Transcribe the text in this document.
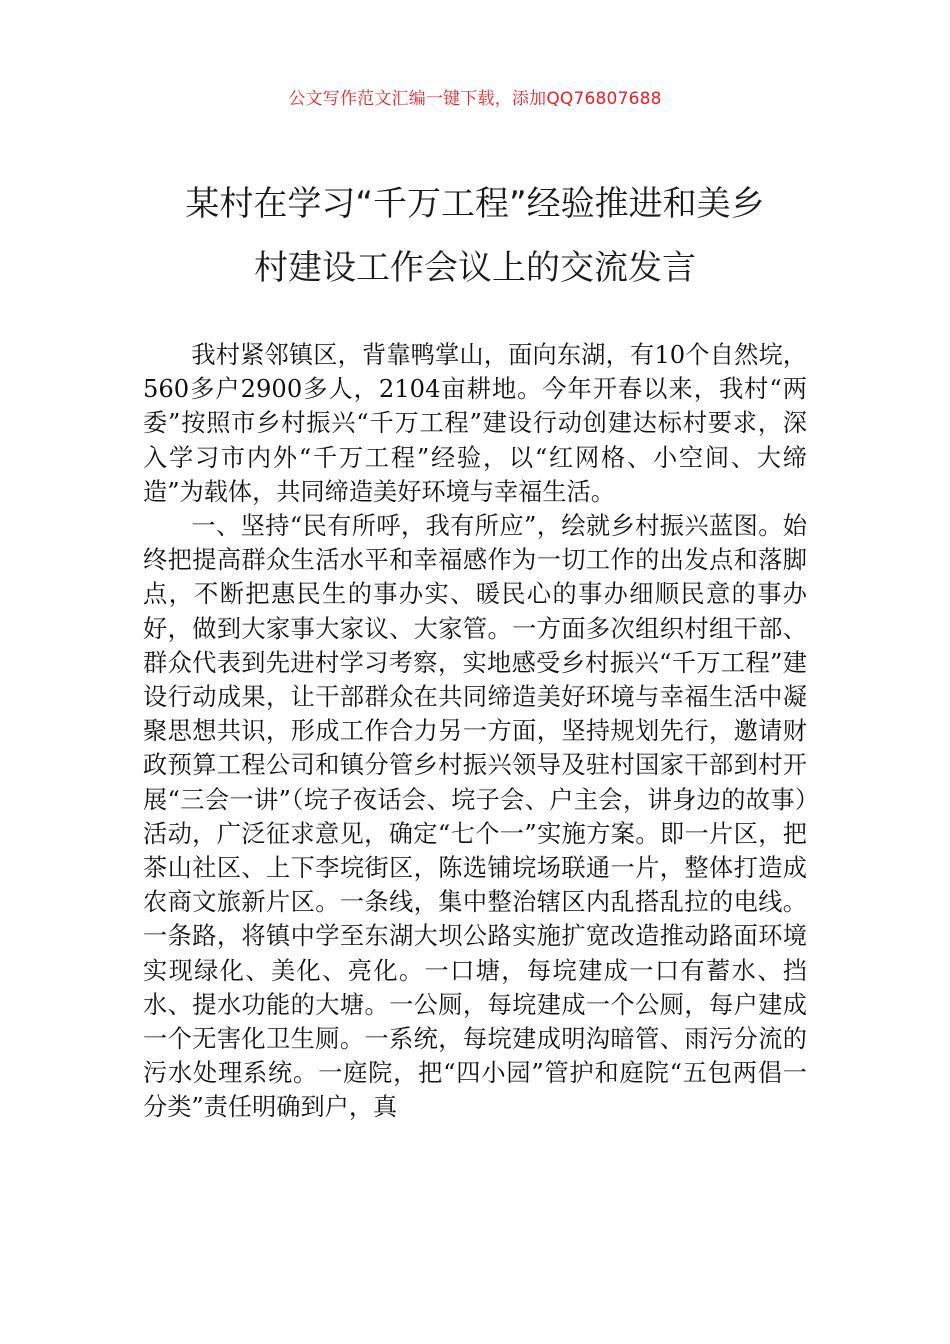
公文写作范文汇编一键下载，添加QQ76807688
某村在学习“千万工程”经验推进和美乡
村建设工作会议上的交流发言

我村紧邻镇区，背靠鸭掌山，面向东湖，有10个自然垸，560多户2900多人，2104亩耕地。今年开春以来，我村“两委”按照市乡村振兴“千万工程”建设行动创建达标村要求，深入学习市内外“千万工程”经验，以“红网格、小空间、大缔造”为载体，共同缔造美好环境与幸福生活。

一、坚持“民有所呼，我有所应”，绘就乡村振兴蓝图。始终把提高群众生活水平和幸福感作为一切工作的出发点和落脚点，不断把惠民生的事办实、暖民心的事办细顺民意的事办好，做到大家事大家议、大家管。一方面多次组织村组干部、群众代表到先进村学习考察，实地感受乡村振兴“千万工程”建设行动成果，让干部群众在共同缔造美好环境与幸福生活中凝聚思想共识，形成工作合力另一方面，坚持规划先行，邀请财政预算工程公司和镇分管乡村振兴领导及驻村国家干部到村开展“三会一讲”（垸子夜话会、垸子会、户主会，讲身边的故事）活动，广泛征求意见，确定“七个一”实施方案。即一片区，把茶山社区、上下李垸街区，陈选铺垸场联通一片，整体打造成农商文旅新片区。一条线，集中整治辖区内乱搭乱拉的电线。一条路，将镇中学至东湖大坝公路实施扩宽改造推动路面环境实现绿化、美化、亮化。一口塘，每垸建成一口有蓄水、挡水、提水功能的大塘。一公厕，每垸建成一个公厕，每户建成一个无害化卫生厕。一系统，每垸建成明沟暗管、雨污分流的污水处理系统。一庭院，把“四小园”管护和庭院“五包两倡一分类”责任明确到户，真
